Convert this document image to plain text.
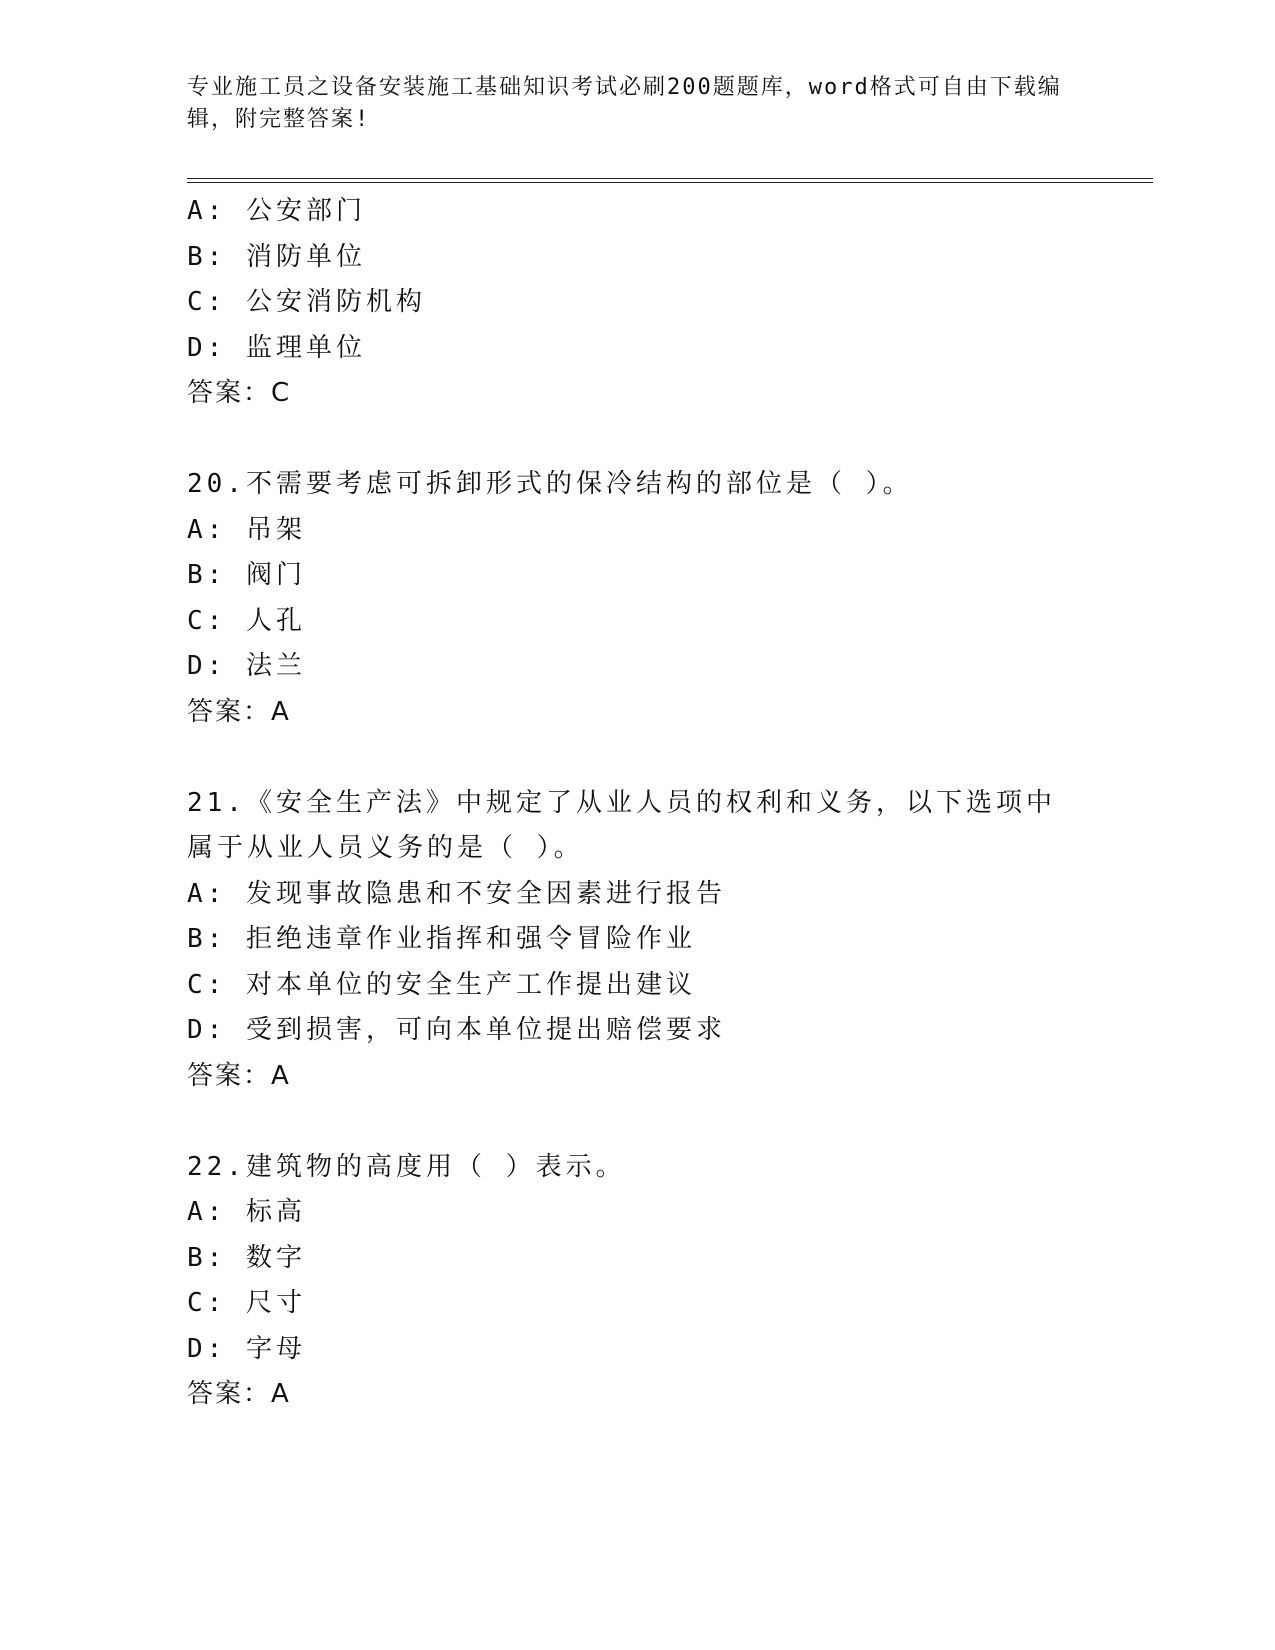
专业施工员之设备安装施工基础知识考试必刷200题题库，word格式可自由下载编辑，附完整答案!
A: 公安部门
B: 消防单位
C: 公安消防机构
D: 监理单位
答案：C
20.不需要考虑可拆卸形式的保冷结构的部位是（ ）。
A: 吊架
B: 阀门
C: 人孔
D: 法兰
答案：A
21.《安全生产法》中规定了从业人员的权利和义务，以下选项中属于从业人员义务的是（ ）。
A: 发现事故隐患和不安全因素进行报告
B: 拒绝违章作业指挥和强令冒险作业
C: 对本单位的安全生产工作提出建议
D: 受到损害，可向本单位提出赔偿要求
答案：A
22.建筑物的高度用（ ）表示。
A: 标高
B: 数字
C: 尺寸
D: 字母
答案：A
